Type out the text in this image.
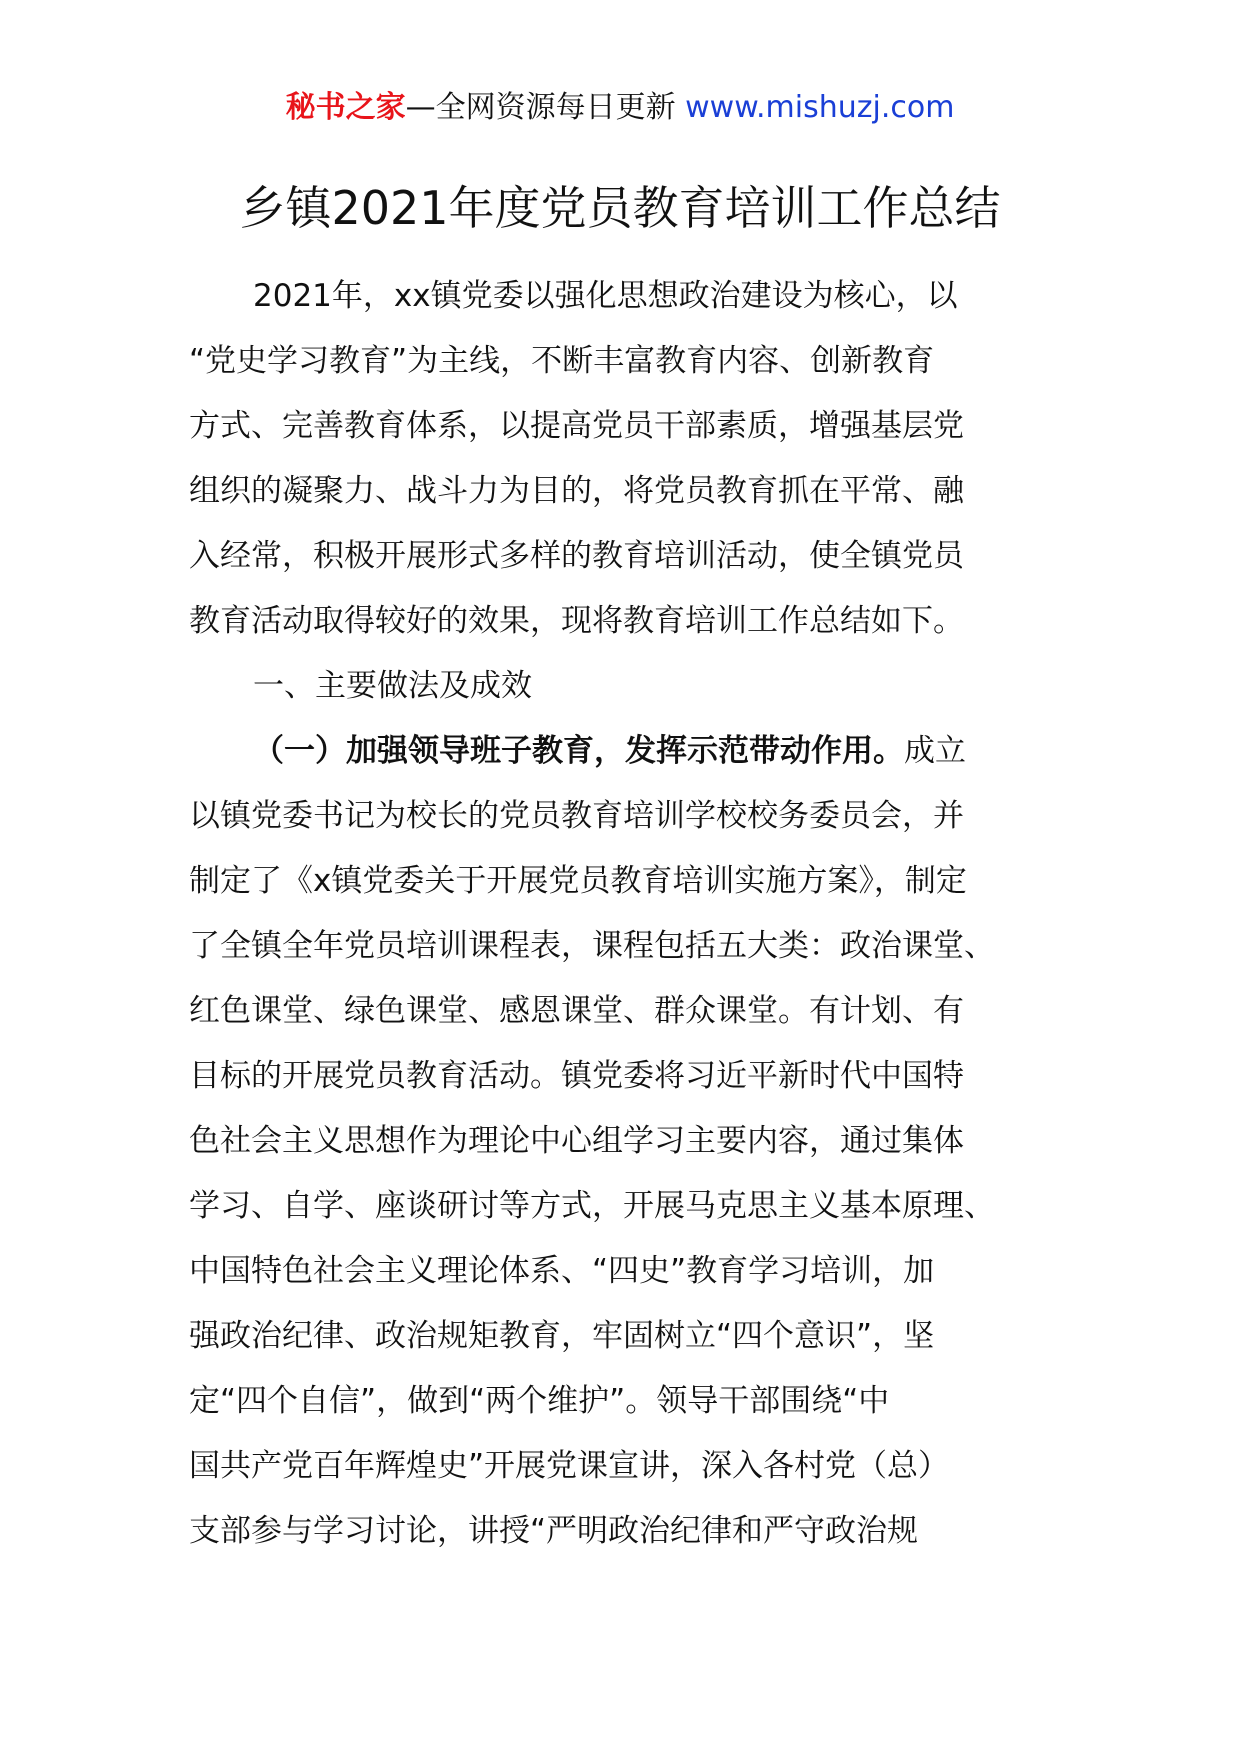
秘书之家—全网资源每日更新 www.mishuzj.com
乡镇2021年度党员教育培训工作总结
2021年，xx镇党委以强化思想政治建设为核心，以
“党史学习教育”为主线，不断丰富教育内容、创新教育
方式、完善教育体系，以提高党员干部素质，增强基层党
组织的凝聚力、战斗力为目的，将党员教育抓在平常、融
入经常，积极开展形式多样的教育培训活动，使全镇党员
教育活动取得较好的效果，现将教育培训工作总结如下。
一、主要做法及成效
（一）加强领导班子教育，发挥示范带动作用。成立
以镇党委书记为校长的党员教育培训学校校务委员会，并
制定了《x镇党委关于开展党员教育培训实施方案》，制定
了全镇全年党员培训课程表，课程包括五大类：政治课堂、
红色课堂、绿色课堂、感恩课堂、群众课堂。有计划、有
目标的开展党员教育活动。镇党委将习近平新时代中国特
色社会主义思想作为理论中心组学习主要内容，通过集体
学习、自学、座谈研讨等方式，开展马克思主义基本原理、
中国特色社会主义理论体系、“四史”教育学习培训，加
强政治纪律、政治规矩教育，牢固树立“四个意识”，坚
定“四个自信”，做到“两个维护”。领导干部围绕“中
国共产党百年辉煌史”开展党课宣讲，深入各村党（总）
支部参与学习讨论，讲授“严明政治纪律和严守政治规
